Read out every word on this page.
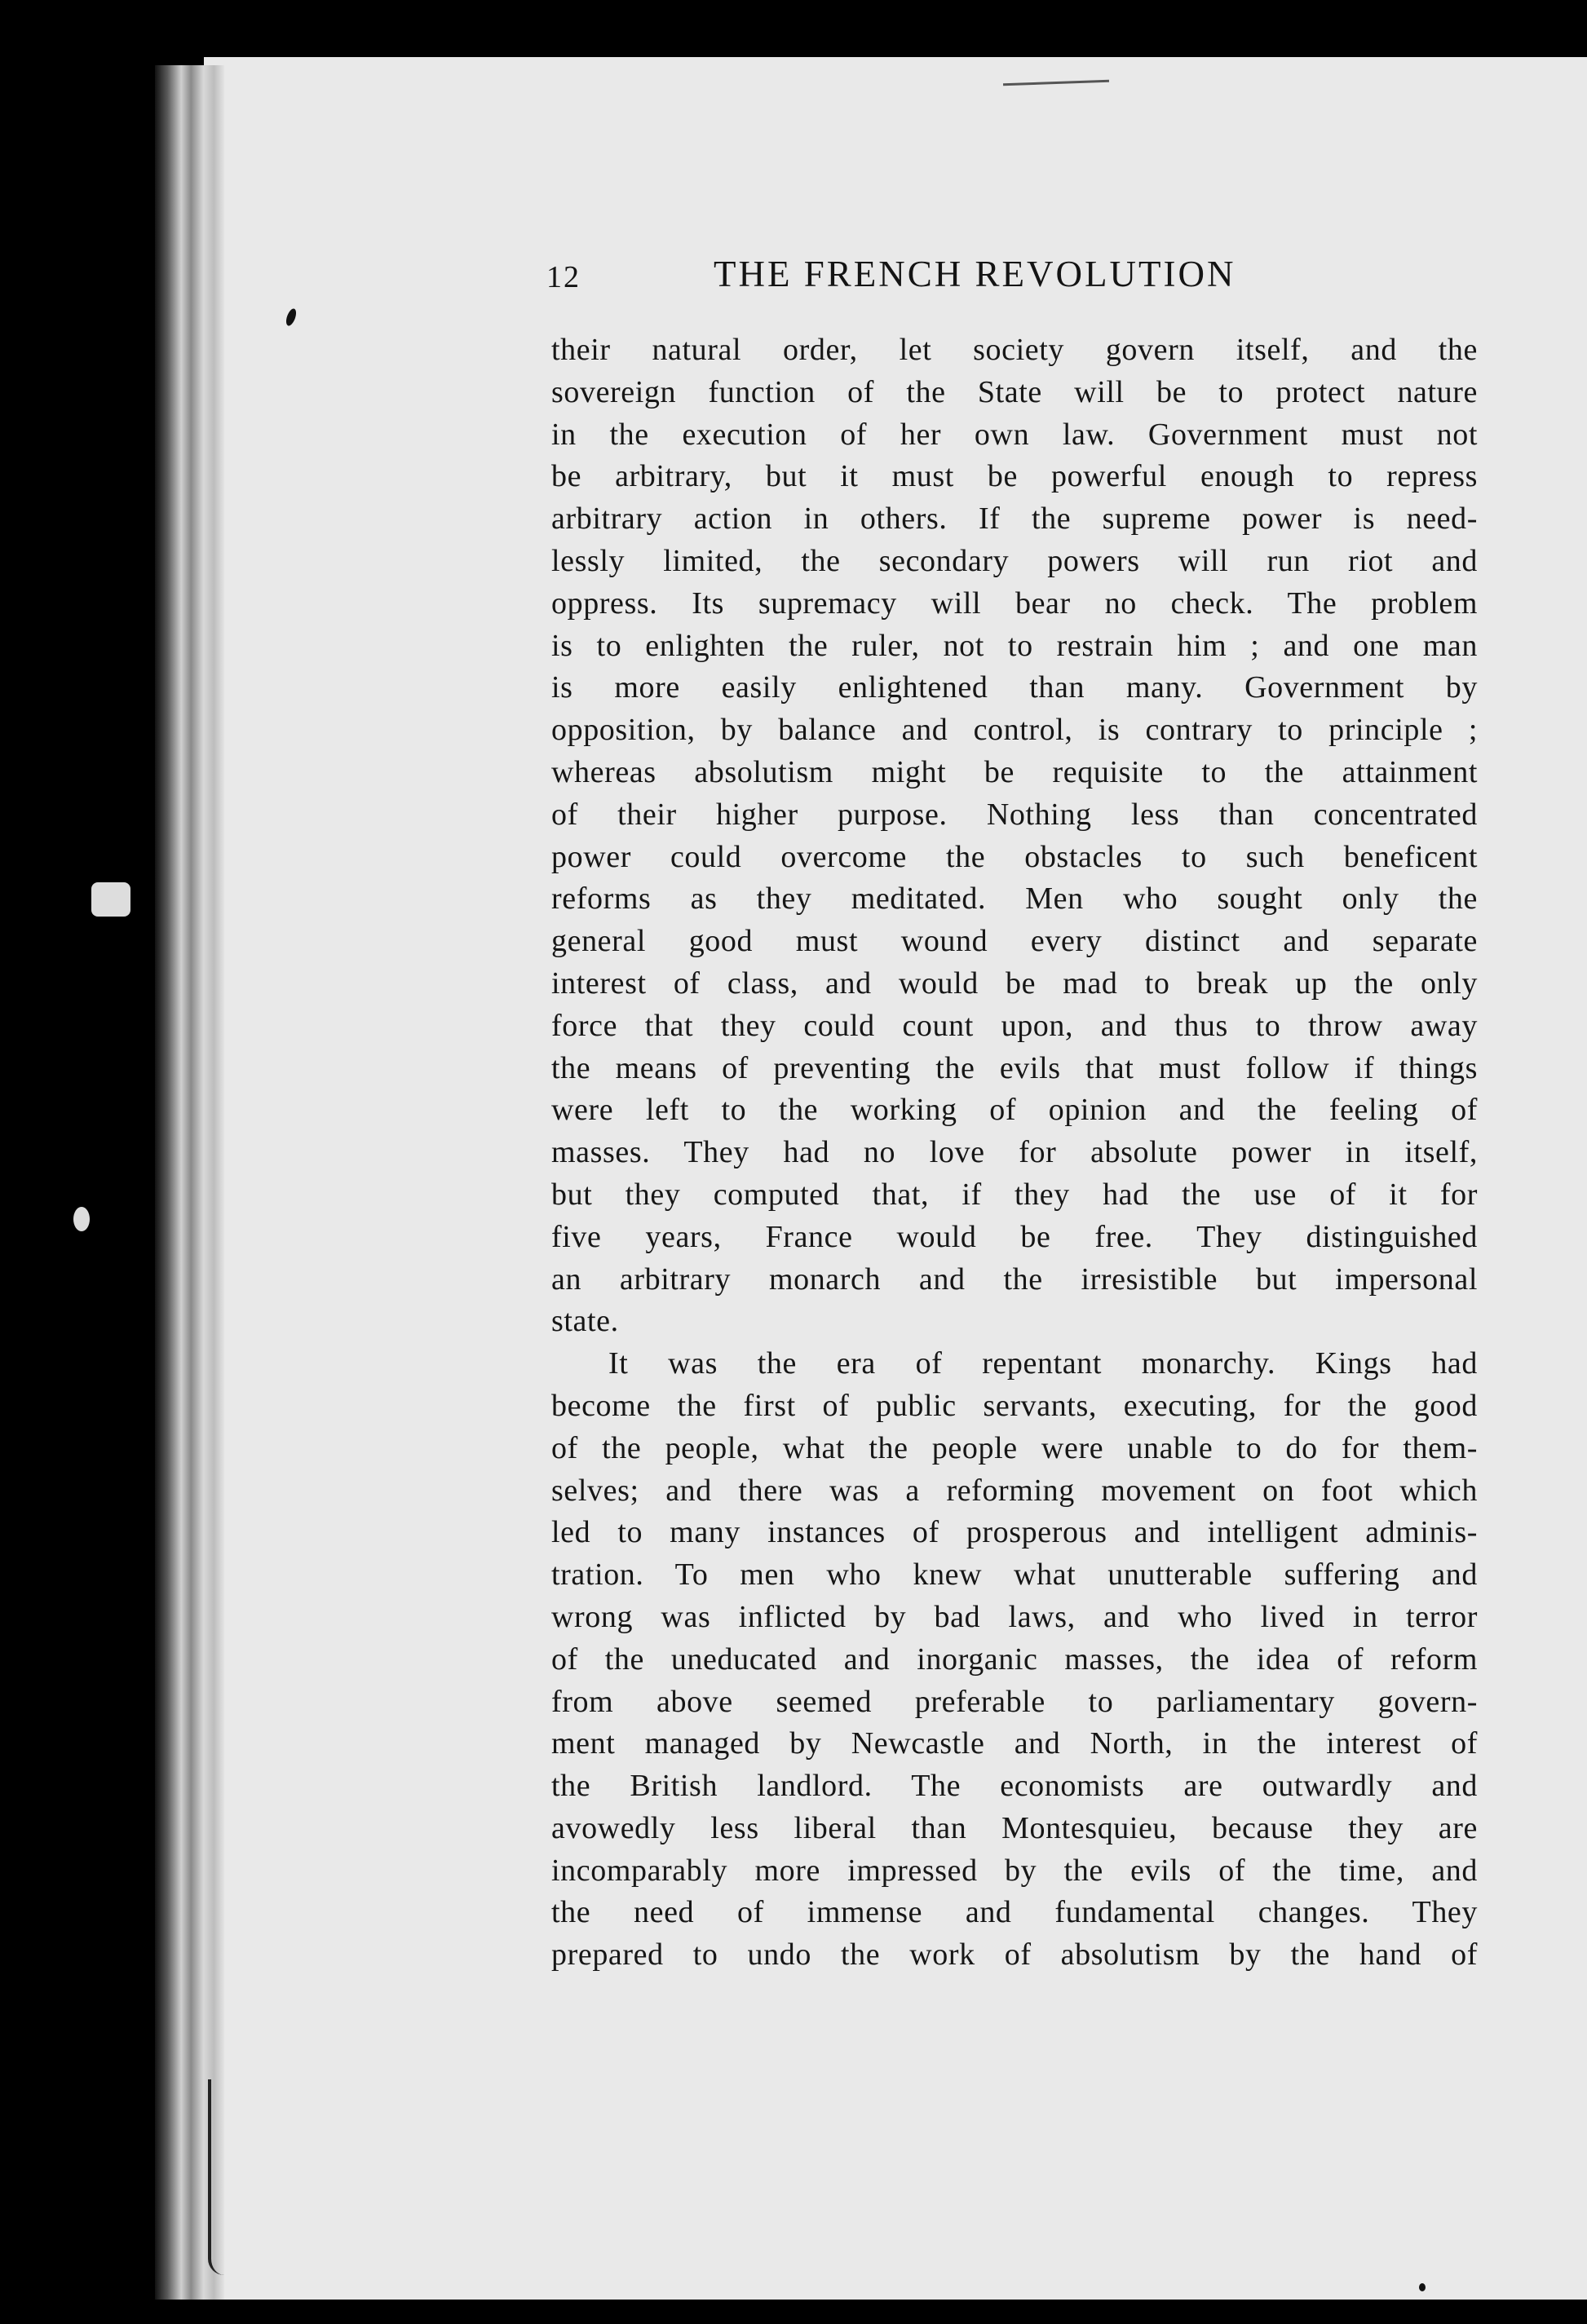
12	THE FRENCH REVOLUTION
their natural order, let society govern itself, and the
sovereign function of the State will be to protect nature
in the execution of her own law. Government must not
be arbitrary, but it must be powerful enough to repress
arbitrary action in others. If the supreme power is need-
lessly limited, the secondary powers will run riot and
oppress. Its supremacy will bear no check. The problem
is to enlighten the ruler, not to restrain him ; and one man
is more easily enlightened than many. Government by
opposition, by balance and control, is contrary to principle ;
whereas absolutism might be requisite to the attainment
of their higher purpose. Nothing less than concentrated
power could overcome the obstacles to such beneficent
reforms as they meditated. Men who sought only the
general good must wound every distinct and separate
interest of class, and would be mad to break up the only
force that they could count upon, and thus to throw away
the means of preventing the evils that must follow if things
were left to the working of opinion and the feeling of
masses. They had no love for absolute power in itself,
but they computed that, if they had the use of it for
five years, France would be free. They distinguished
an arbitrary monarch and the irresistible but impersonal
state.
It was the era of repentant monarchy. Kings had
become the first of public servants, executing, for the good
of the people, what the people were unable to do for them-
selves; and there was a reforming movement on foot which
led to many instances of prosperous and intelligent adminis-
tration. To men who knew what unutterable suffering and
wrong was inflicted by bad laws, and who lived in terror
of the uneducated and inorganic masses, the idea of reform
from above seemed preferable to parliamentary govern-
ment managed by Newcastle and North, in the interest of
the British landlord. The economists are outwardly and
avowedly less liberal than Montesquieu, because they are
incomparably more impressed by the evils of the time, and
the need of immense and fundamental changes. They
prepared to undo the work of absolutism by the hand of
